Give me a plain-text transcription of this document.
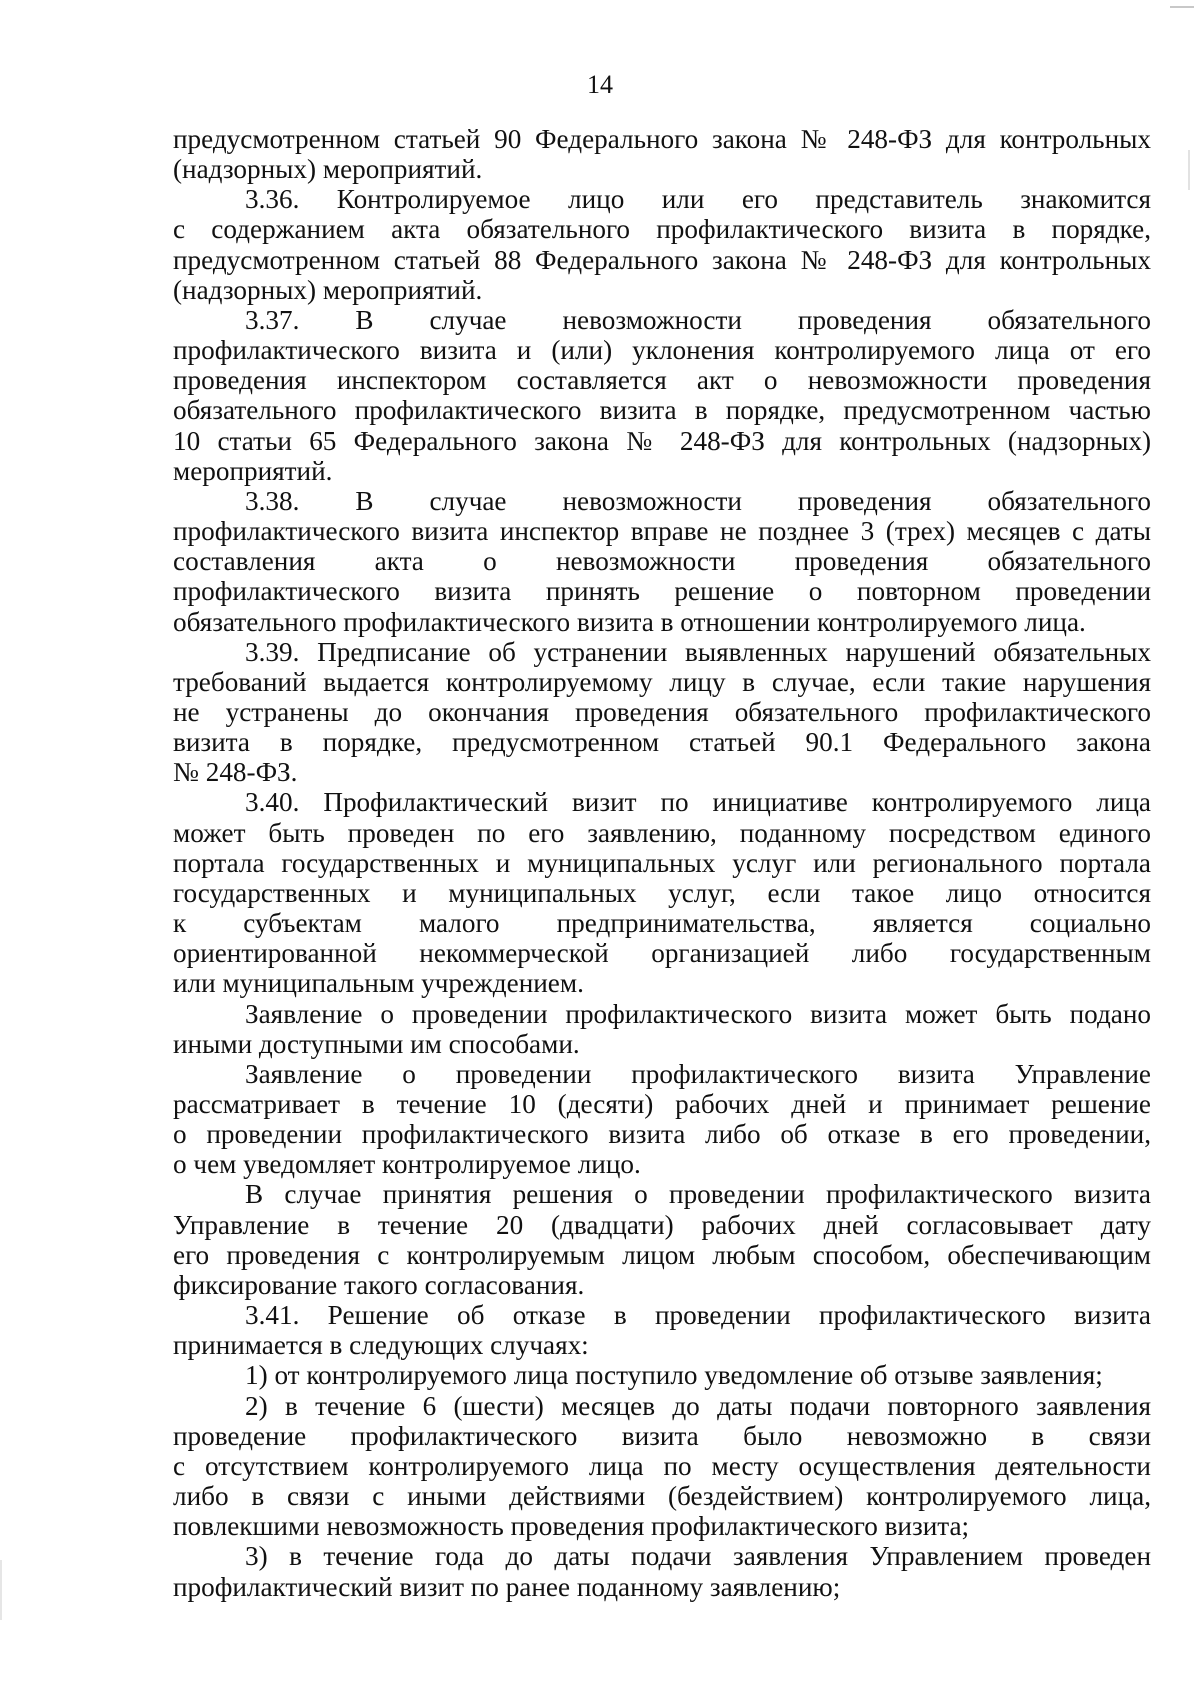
14

предусмотренном статьей 90 Федерального закона № 248-ФЗ для контрольных
(надзорных) мероприятий.

3.36. Контролируемое лицо или его представитель знакомится
с содержанием акта обязательного профилактического визита в порядке,
предусмотренном статьей 88 Федерального закона № 248-ФЗ для контрольных
(надзорных) мероприятий.

3.37. В случае невозможности проведения обязательного
профилактического визита и (или) уклонения контролируемого лица от его
проведения инспектором составляется акт о невозможности проведения
обязательного профилактического визита в порядке, предусмотренном частью
10 статьи 65 Федерального закона № 248-ФЗ для контрольных (надзорных)
мероприятий.

3.38. В случае невозможности проведения обязательного
профилактического визита инспектор вправе не позднее 3 (трех) месяцев с даты
составления акта о невозможности проведения обязательного
профилактического визита принять решение о повторном проведении
обязательного профилактического визита в отношении контролируемого лица.

3.39. Предписание об устранении выявленных нарушений обязательных
требований выдается контролируемому лицу в случае, если такие нарушения
не устранены до окончания проведения обязательного профилактического
визита в порядке, предусмотренном статьей 90.1 Федерального закона
№ 248-ФЗ.

3.40. Профилактический визит по инициативе контролируемого лица
может быть проведен по его заявлению, поданному посредством единого
портала государственных и муниципальных услуг или регионального портала
государственных и муниципальных услуг, если такое лицо относится
к субъектам малого предпринимательства, является социально
ориентированной некоммерческой организацией либо государственным
или муниципальным учреждением.

Заявление о проведении профилактического визита может быть подано
иными доступными им способами.

Заявление о проведении профилактического визита Управление
рассматривает в течение 10 (десяти) рабочих дней и принимает решение
о проведении профилактического визита либо об отказе в его проведении,
о чем уведомляет контролируемое лицо.

В случае принятия решения о проведении профилактического визита
Управление в течение 20 (двадцати) рабочих дней согласовывает дату
его проведения с контролируемым лицом любым способом, обеспечивающим
фиксирование такого согласования.

3.41. Решение об отказе в проведении профилактического визита
принимается в следующих случаях:

1) от контролируемого лица поступило уведомление об отзыве заявления;

2) в течение 6 (шести) месяцев до даты подачи повторного заявления
проведение профилактического визита было невозможно в связи
с отсутствием контролируемого лица по месту осуществления деятельности
либо в связи с иными действиями (бездействием) контролируемого лица,
повлекшими невозможность проведения профилактического визита;

3) в течение года до даты подачи заявления Управлением проведен
профилактический визит по ранее поданному заявлению;
